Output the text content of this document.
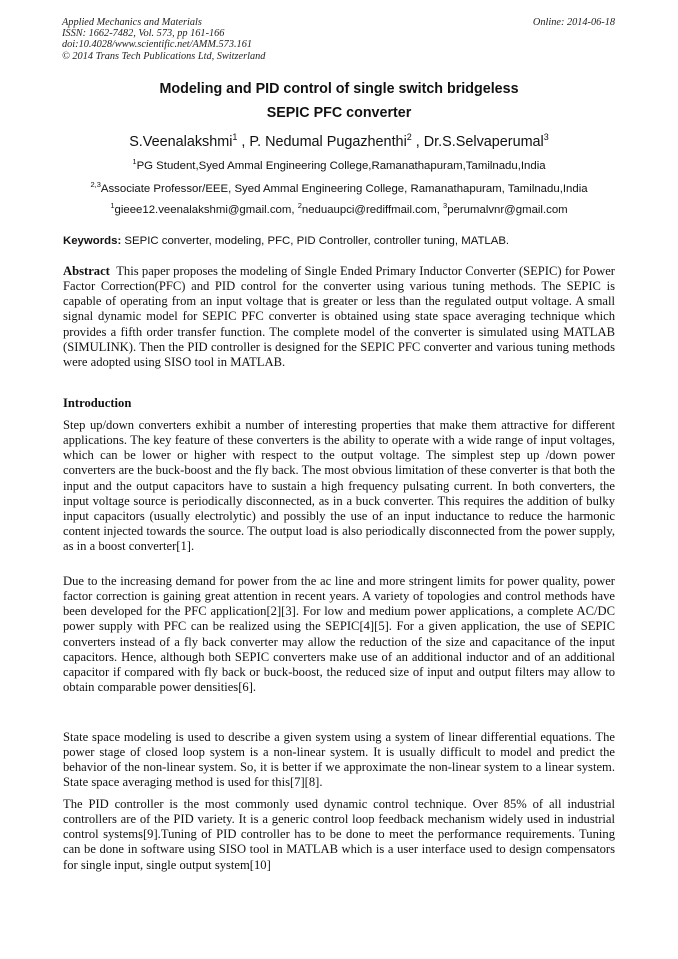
Applied Mechanics and Materials
ISSN: 1662-7482, Vol. 573, pp 161-166
doi:10.4028/www.scientific.net/AMM.573.161
© 2014 Trans Tech Publications Ltd, Switzerland
Online: 2014-06-18
Modeling and PID control of single switch bridgeless
SEPIC PFC converter
S.Veenalakshmi$^1$ , P. Nedumal Pugazhenthi$^2$ , Dr.S.Selvaperumal$^3$
$^1$PG Student,Syed Ammal Engineering College,Ramanathapuram,Tamilnadu,India
$^{2,3}$Associate Professor/EEE, Syed Ammal Engineering College, Ramanathapuram, Tamilnadu,India
$^1$gieee12.veenalakshmi@gmail.com, $^2$neduaupci@rediffmail.com, $^3$perumalvnr@gmail.com
Keywords: SEPIC converter, modeling, PFC, PID Controller, controller tuning, MATLAB.
Abstract This paper proposes the modeling of Single Ended Primary Inductor Converter (SEPIC) for Power Factor Correction(PFC) and PID control for the converter using various tuning methods. The SEPIC is capable of operating from an input voltage that is greater or less than the regulated output voltage. A small signal dynamic model for SEPIC PFC converter is obtained using state space averaging technique which provides a fifth order transfer function. The complete model of the converter is simulated using MATLAB (SIMULINK). Then the PID controller is designed for the SEPIC PFC converter and various tuning methods were adopted using SISO tool in MATLAB.
Introduction

Step up/down converters exhibit a number of interesting properties that make them attractive for different applications. The key feature of these converters is the ability to operate with a wide range of input voltages, which can be lower or higher with respect to the output voltage. The simplest step up /down power converters are the buck-boost and the fly back. The most obvious limitation of these converter is that both the input and the output capacitors have to sustain a high frequency pulsating current. In both converters, the input voltage source is periodically disconnected, as in a buck converter. This requires the addition of bulky input capacitors (usually electrolytic) and possibly the use of an input inductance to reduce the harmonic content injected towards the source. The output load is also periodically disconnected from the power supply, as in a boost converter[1].

Due to the increasing demand for power from the ac line and more stringent limits for power quality, power factor correction is gaining great attention in recent years. A variety of topologies and control methods have been developed for the PFC application[2][3]. For low and medium power applications, a complete AC/DC power supply with PFC can be realized using the SEPIC[4][5]. For a given application, the use of SEPIC converters instead of a fly back converter may allow the reduction of the size and capacitance of the input capacitors. Hence, although both SEPIC converters make use of an additional inductor and of an additional capacitor if compared with fly back or buck-boost, the reduced size of input and output filters may allow to obtain comparable power densities[6].

State space modeling is used to describe a given system using a system of linear differential equations. The power stage of closed loop system is a non-linear system. It is usually difficult to model and predict the behavior of the non-linear system. So, it is better if we approximate the non-linear system to a linear system. State space averaging method is used for this[7][8].

The PID controller is the most commonly used dynamic control technique. Over 85% of all industrial controllers are of the PID variety. It is a generic control loop feedback mechanism widely used in industrial control systems[9].Tuning of PID controller has to be done to meet the performance requirements. Tuning can be done in software using SISO tool in MATLAB which is a user interface used to design compensators for single input, single output system[10]
